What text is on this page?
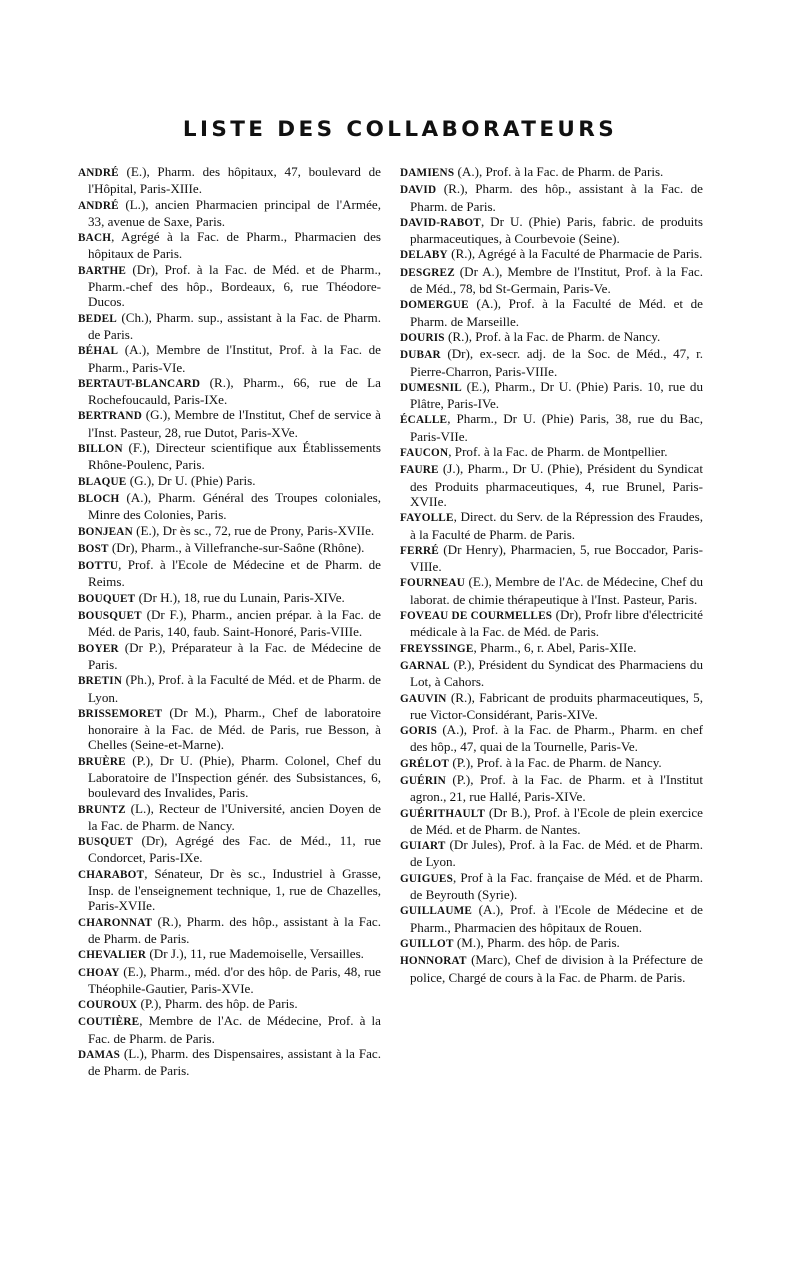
LISTE DES COLLABORATEURS

ANDRÉ (E.), Pharm. des hôpitaux, 47, boulevard de l'Hôpital, Paris-XIIIe.

ANDRÉ (L.), ancien Pharmacien principal de l'Armée, 33, avenue de Saxe, Paris.

BACH, Agrégé à la Fac. de Pharm., Pharmacien des hôpitaux de Paris.

BARTHE (Dr), Prof. à la Fac. de Méd. et de Pharm., Pharm.-chef des hôp., Bordeaux, 6, rue Théodore-Ducos.

BEDEL (Ch.), Pharm. sup., assistant à la Fac. de Pharm. de Paris.

BÉHAL (A.), Membre de l'Institut, Prof. à la Fac. de Pharm., Paris-VIe.

BERTAUT-BLANCARD (R.), Pharm., 66, rue de La Rochefoucauld, Paris-IXe.

BERTRAND (G.), Membre de l'Institut, Chef de service à l'Inst. Pasteur, 28, rue Dutot, Paris-XVe.

BILLON (F.), Directeur scientifique aux Établissements Rhône-Poulenc, Paris.

BLAQUE (G.), Dr U. (Phie) Paris.

BLOCH (A.), Pharm. Général des Troupes coloniales, Minre des Colonies, Paris.

BONJEAN (E.), Dr ès sc., 72, rue de Prony, Paris-XVIIe.

BOST (Dr), Pharm., à Villefranche-sur-Saône (Rhône).

BOTTU, Prof. à l'Ecole de Médecine et de Pharm. de Reims.

BOUQUET (Dr H.), 18, rue du Lunain, Paris-XIVe.

BOUSQUET (Dr F.), Pharm., ancien prépar. à la Fac. de Méd. de Paris, 140, faub. Saint-Honoré, Paris-VIIIe.

BOYER (Dr P.), Préparateur à la Fac. de Médecine de Paris.

BRETIN (Ph.), Prof. à la Faculté de Méd. et de Pharm. de Lyon.

BRISSEMORET (Dr M.), Pharm., Chef de laboratoire honoraire à la Fac. de Méd. de Paris, rue Besson, à Chelles (Seine-et-Marne).

BRUÈRE (P.), Dr U. (Phie), Pharm. Colonel, Chef du Laboratoire de l'Inspection génér. des Subsistances, 6, boulevard des Invalides, Paris.

BRUNTZ (L.), Recteur de l'Université, ancien Doyen de la Fac. de Pharm. de Nancy.

BUSQUET (Dr), Agrégé des Fac. de Méd., 11, rue Condorcet, Paris-IXe.

CHARABOT, Sénateur, Dr ès sc., Industriel à Grasse, Insp. de l'enseignement technique, 1, rue de Chazelles, Paris-XVIIe.

CHARONNAT (R.), Pharm. des hôp., assistant à la Fac. de Pharm. de Paris.

CHEVALIER (Dr J.), 11, rue Mademoiselle, Versailles.

CHOAY (E.), Pharm., méd. d'or des hôp. de Paris, 48, rue Théophile-Gautier, Paris-XVIe.

COUROUX (P.), Pharm. des hôp. de Paris.

COUTIÈRE, Membre de l'Ac. de Médecine, Prof. à la Fac. de Pharm. de Paris.

DAMAS (L.), Pharm. des Dispensaires, assistant à la Fac. de Pharm. de Paris.

DAMIENS (A.), Prof. à la Fac. de Pharm. de Paris.

DAVID (R.), Pharm. des hôp., assistant à la Fac. de Pharm. de Paris.

DAVID-RABOT, Dr U. (Phie) Paris, fabric. de produits pharmaceutiques, à Courbevoie (Seine).

DELABY (R.), Agrégé à la Faculté de Pharmacie de Paris.

DESGREZ (Dr A.), Membre de l'Institut, Prof. à la Fac. de Méd., 78, bd St-Germain, Paris-Ve.

DOMERGUE (A.), Prof. à la Faculté de Méd. et de Pharm. de Marseille.

DOURIS (R.), Prof. à la Fac. de Pharm. de Nancy.

DUBAR (Dr), ex-secr. adj. de la Soc. de Méd., 47, r. Pierre-Charron, Paris-VIIIe.

DUMESNIL (E.), Pharm., Dr U. (Phie) Paris. 10, rue du Plâtre, Paris-IVe.

ÉCALLE, Pharm., Dr U. (Phie) Paris, 38, rue du Bac, Paris-VIIe.

FAUCON, Prof. à la Fac. de Pharm. de Montpellier.

FAURE (J.), Pharm., Dr U. (Phie), Président du Syndicat des Produits pharmaceutiques, 4, rue Brunel, Paris-XVIIe.

FAYOLLE, Direct. du Serv. de la Répression des Fraudes, à la Faculté de Pharm. de Paris.

FERRÉ (Dr Henry), Pharmacien, 5, rue Boccador, Paris-VIIIe.

FOURNEAU (E.), Membre de l'Ac. de Médecine, Chef du laborat. de chimie thérapeutique à l'Inst. Pasteur, Paris.

FOVEAU DE COURMELLES (Dr), Profr libre d'électricité médicale à la Fac. de Méd. de Paris.

FREYSSINGE, Pharm., 6, r. Abel, Paris-XIIe.

GARNAL (P.), Président du Syndicat des Pharmaciens du Lot, à Cahors.

GAUVIN (R.), Fabricant de produits pharmaceutiques, 5, rue Victor-Considérant, Paris-XIVe.

GORIS (A.), Prof. à la Fac. de Pharm., Pharm. en chef des hôp., 47, quai de la Tournelle, Paris-Ve.

GRÉLOT (P.), Prof. à la Fac. de Pharm. de Nancy.

GUÉRIN (P.), Prof. à la Fac. de Pharm. et à l'Institut agron., 21, rue Hallé, Paris-XIVe.

GUÉRITHAULT (Dr B.), Prof. à l'Ecole de plein exercice de Méd. et de Pharm. de Nantes.

GUIART (Dr Jules), Prof. à la Fac. de Méd. et de Pharm. de Lyon.

GUIGUES, Prof à la Fac. française de Méd. et de Pharm. de Beyrouth (Syrie).

GUILLAUME (A.), Prof. à l'Ecole de Médecine et de Pharm., Pharmacien des hôpitaux de Rouen.

GUILLOT (M.), Pharm. des hôp. de Paris.

HONNORAT (Marc), Chef de division à la Préfecture de police, Chargé de cours à la Fac. de Pharm. de Paris.
